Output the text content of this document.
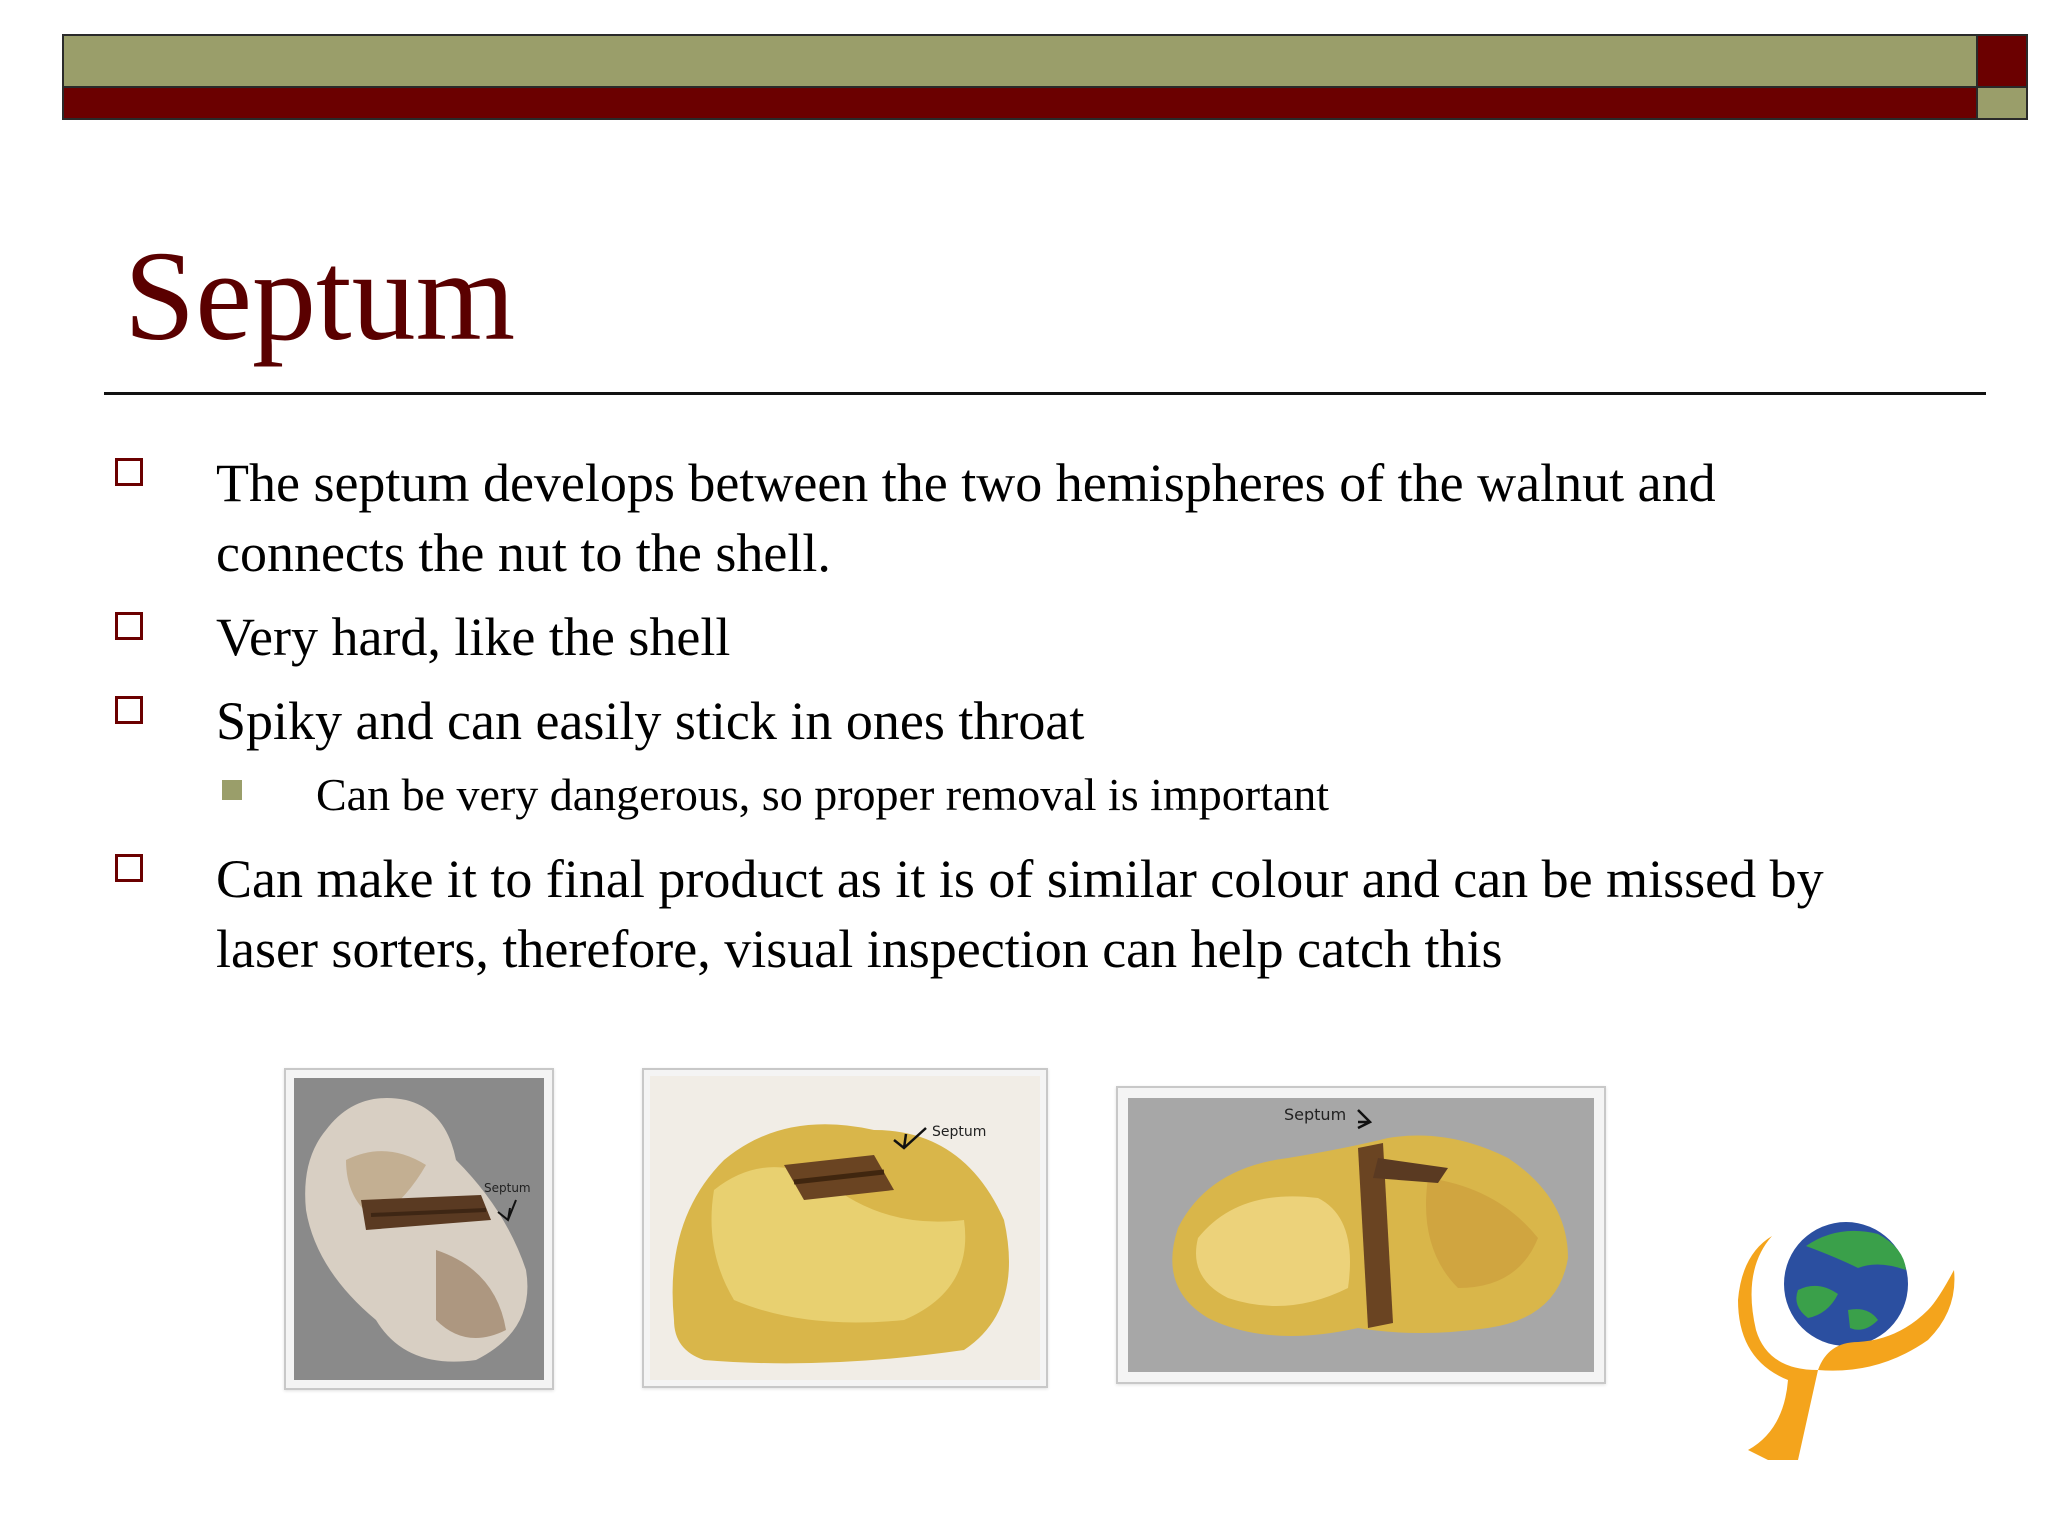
Septum
The septum develops between the two hemispheres of the walnut and connects the nut to the shell.
Very hard, like the shell
Spiky and can easily stick in ones throat
Can be very dangerous, so proper removal is important
Can make it to final product as it is of similar colour and can be missed by laser sorters, therefore, visual inspection can help catch this
Septum
Septum
Septum
